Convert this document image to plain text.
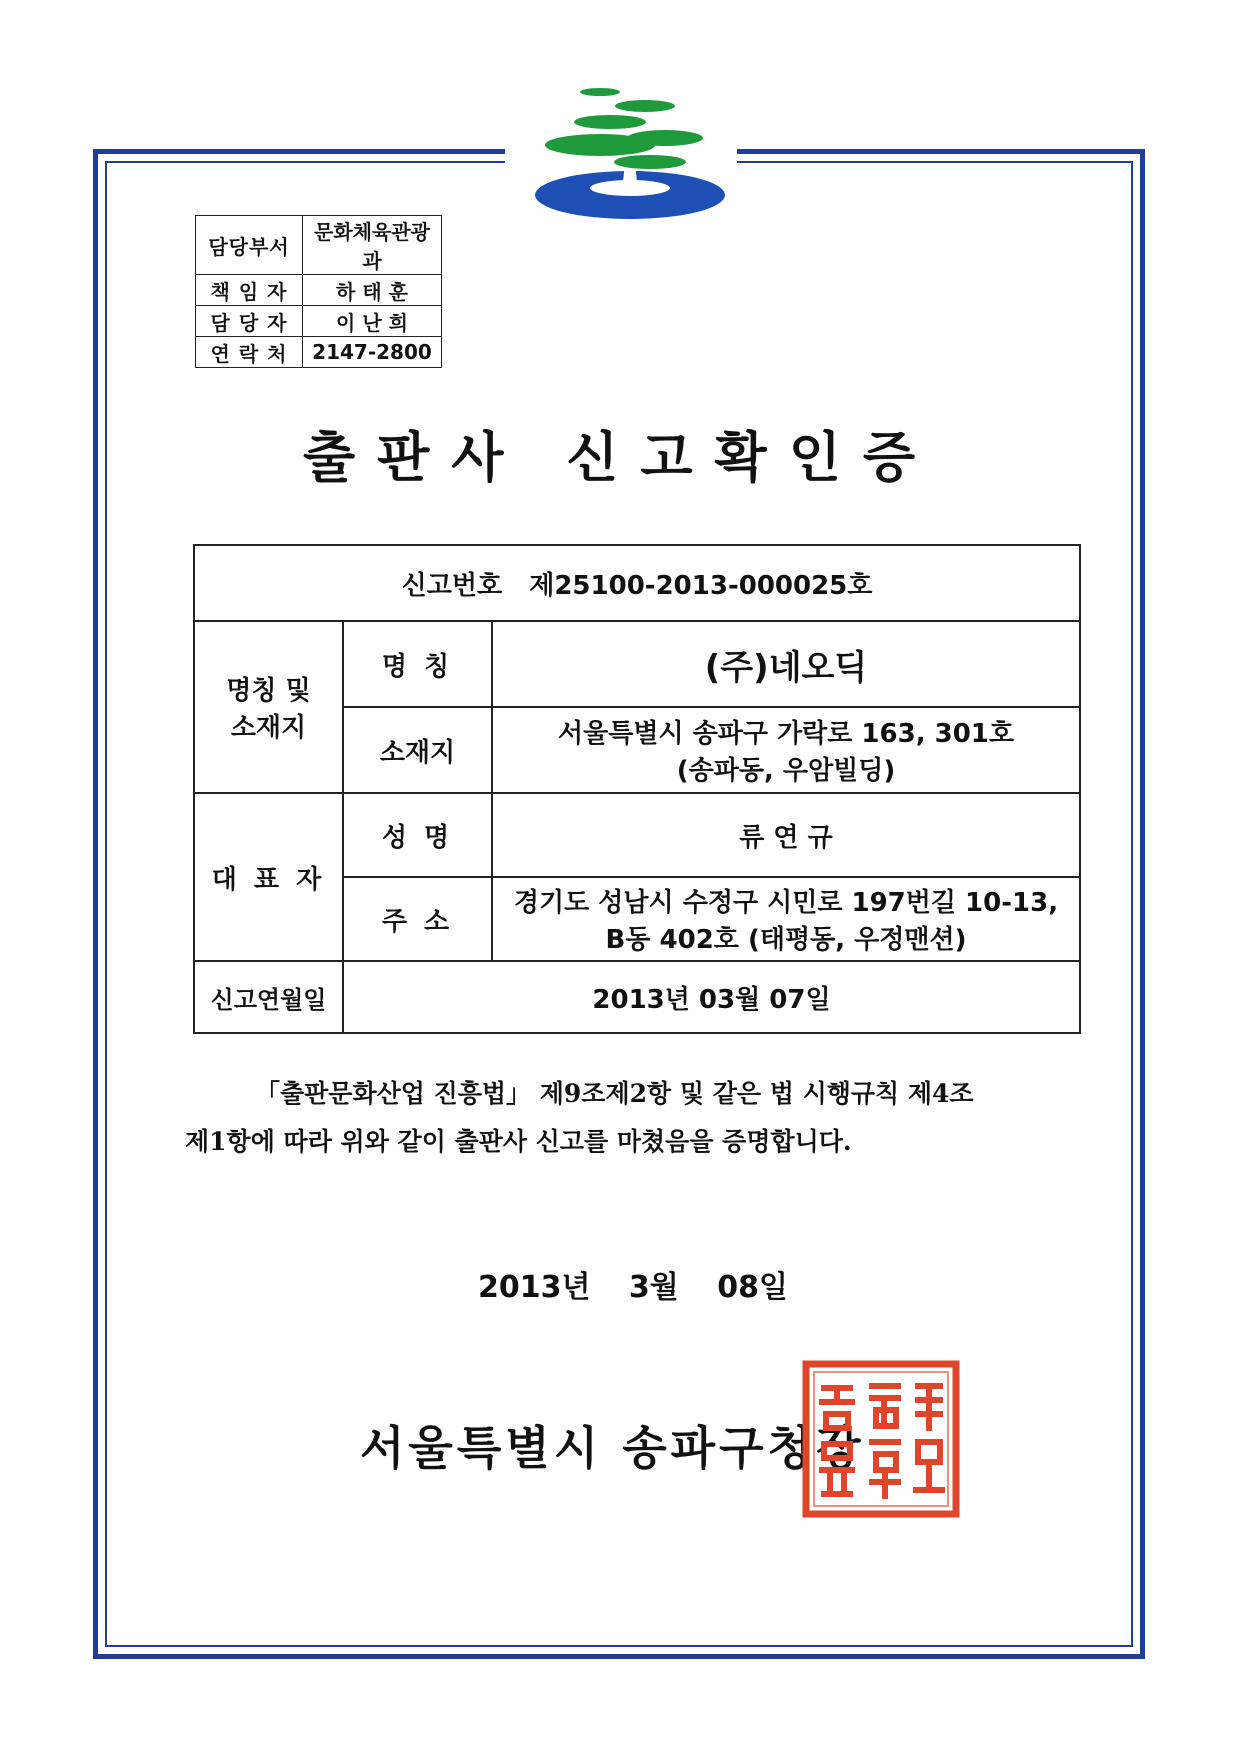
담당부서	문화체육관광과
책 임 자	하 태 훈
담 당 자	이 난 희
연 락 처	2147-2800
출판사 신고확인증
신고번호   제25100-2013-000025호		

명칭 및
소재지	명 칭	(주)네오딕
	소재지	서울특별시 송파구 가락로 163, 301호
(송파동, 우암빌딩)

대 표 자	성 명	류 연 규
	주 소	경기도 성남시 수정구 시민로 197번길 10-13,
B동 402호 (태평동, 우정맨션)

신고연월일	2013년 03월 07일	
「출판문화산업 진흥법」 제9조제2항 및 같은 법 시행규칙 제4조
제1항에 따라 위와 같이 출판사 신고를 마쳤음을 증명합니다.
2013년 3월 08일
서울특별시 송파구청장
